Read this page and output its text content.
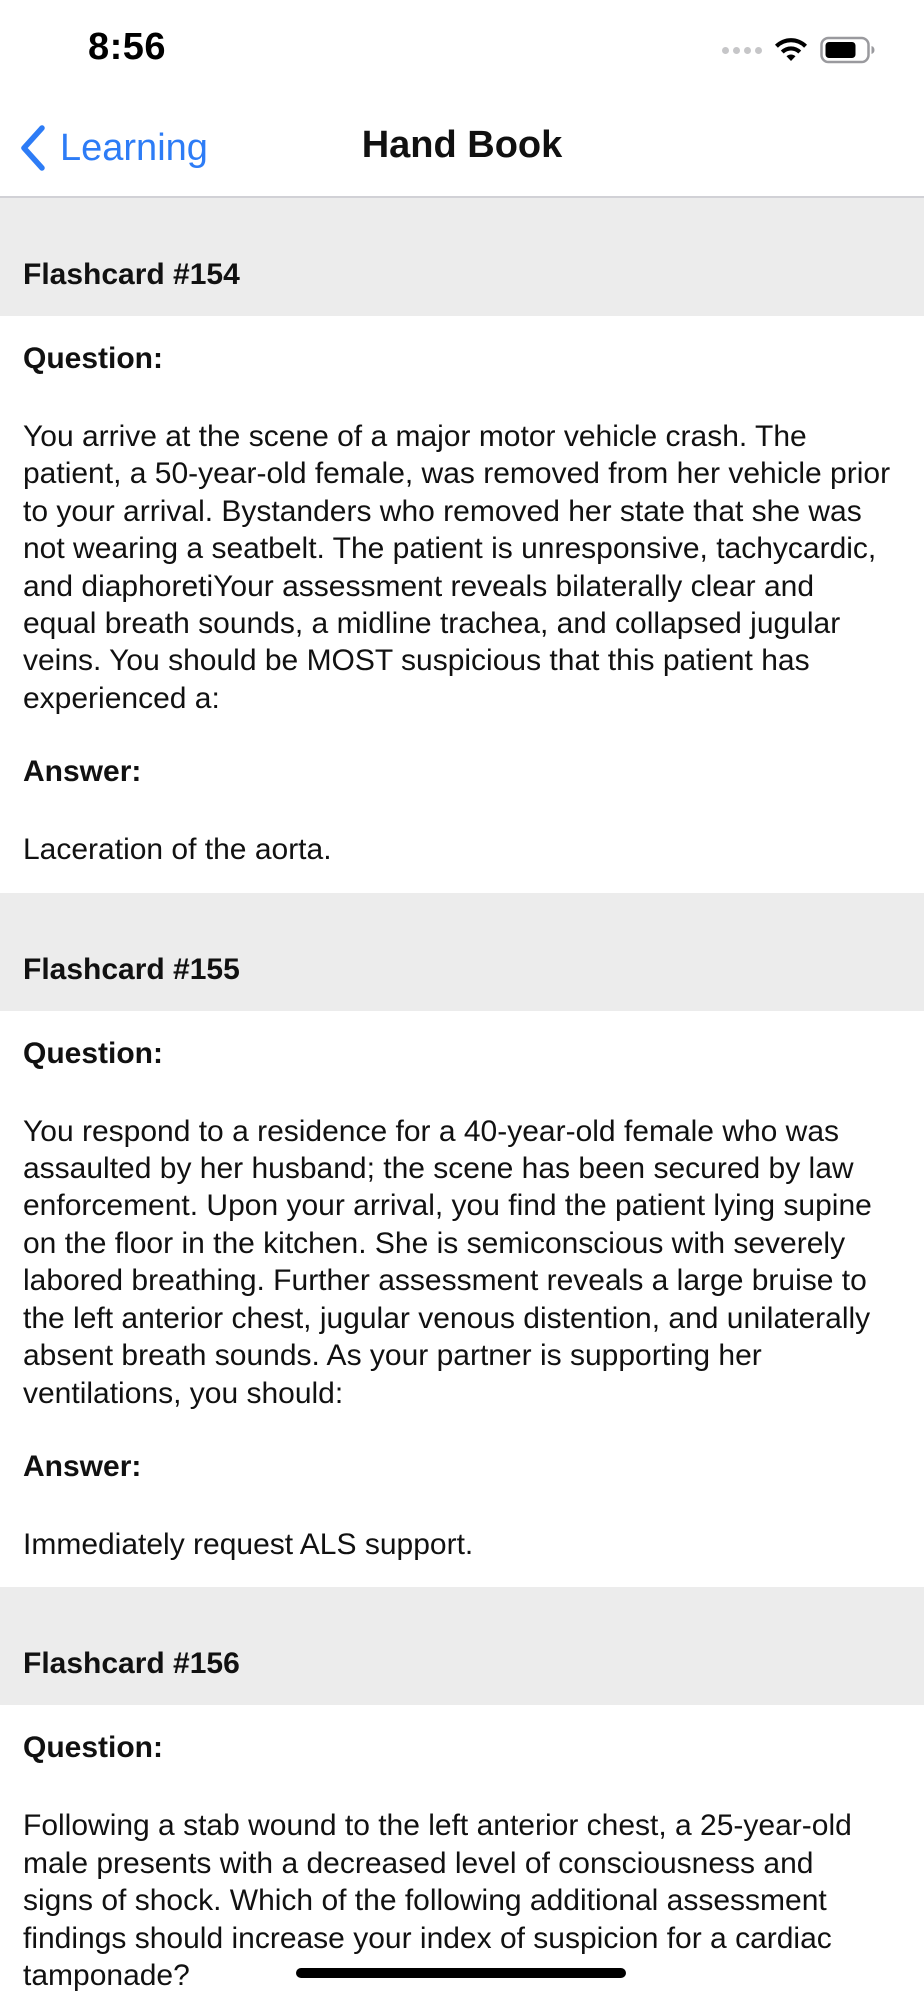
8:56
Learning	Hand Book
Flashcard #154
Question:
You arrive at the scene of a major motor vehicle crash. The patient, a 50-year-old female, was removed from her vehicle prior to your arrival. Bystanders who removed her state that she was not wearing a seatbelt. The patient is unresponsive, tachycardic, and diaphoretiYour assessment reveals bilaterally clear and equal breath sounds, a midline trachea, and collapsed jugular veins. You should be MOST suspicious that this patient has experienced a:
Answer:
Laceration of the aorta.
Flashcard #155
Question:
You respond to a residence for a 40-year-old female who was assaulted by her husband; the scene has been secured by law enforcement. Upon your arrival, you find the patient lying supine on the floor in the kitchen. She is semiconscious with severely labored breathing. Further assessment reveals a large bruise to the left anterior chest, jugular venous distention, and unilaterally absent breath sounds. As your partner is supporting her ventilations, you should:
Answer:
Immediately request ALS support.
Flashcard #156
Question:
Following a stab wound to the left anterior chest, a 25-year-old male presents with a decreased level of consciousness and signs of shock. Which of the following additional assessment findings should increase your index of suspicion for a cardiac tamponade?
